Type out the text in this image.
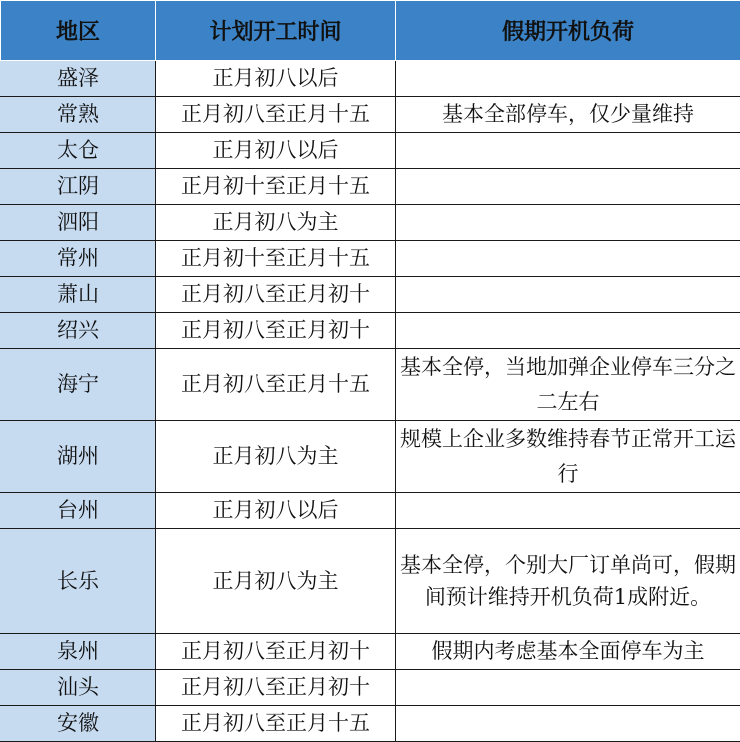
地区	计划开工时间	假期开机负荷
盛泽	正月初八以后	
常熟	正月初八至正月十五	基本全部停车，仅少量维持
太仓	正月初八以后	
江阴	正月初十至正月十五	
泗阳	正月初八为主	
常州	正月初十至正月十五	
萧山	正月初八至正月初十	
绍兴	正月初八至正月初十	
海宁	正月初八至正月十五	基本全停，当地加弹企业停车三分之二左右
湖州	正月初八为主	规模上企业多数维持春节正常开工运行
台州	正月初八以后	
长乐	正月初八为主	基本全停，个别大厂订单尚可，假期间预计维持开机负荷1成附近。
泉州	正月初八至正月初十	假期内考虑基本全面停车为主
汕头	正月初八至正月初十	
安徽	正月初八至正月十五	
